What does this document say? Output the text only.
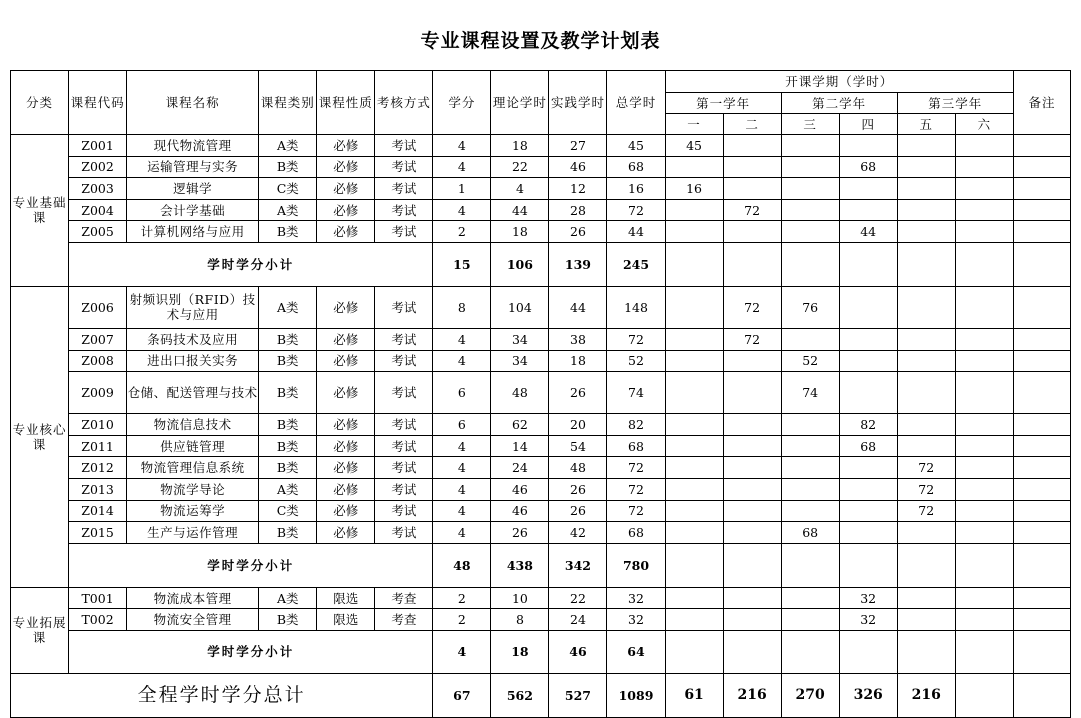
专业课程设置及教学计划表
分类	课程代码	课程名称	课程类别	课程性质	考核方式	学分	理论学时	实践学时	总学时	开课学期（学时）						备注
										第一学年		第二学年		第三学年		
										一	二	三	四	五	六	
专业基础课	Z001	现代物流管理	A类	必修	考试	4	18	27	45	45						
	Z002	运输管理与实务	B类	必修	考试	4	22	46	68				68			
	Z003	逻辑学	C类	必修	考试	1	4	12	16	16						
	Z004	会计学基础	A类	必修	考试	4	44	28	72		72					
	Z005	计算机网络与应用	B类	必修	考试	2	18	26	44				44			
	学时学分小计					15	106	139	245							
专业核心课	Z006	射频识别（RFID）技术与应用	A类	必修	考试	8	104	44	148		72	76				
	Z007	条码技术及应用	B类	必修	考试	4	34	38	72		72					
	Z008	进出口报关实务	B类	必修	考试	4	34	18	52			52				
	Z009	仓储、配送管理与技术	B类	必修	考试	6	48	26	74			74				
	Z010	物流信息技术	B类	必修	考试	6	62	20	82				82			
	Z011	供应链管理	B类	必修	考试	4	14	54	68				68			
	Z012	物流管理信息系统	B类	必修	考试	4	24	48	72					72		
	Z013	物流学导论	A类	必修	考试	4	46	26	72					72		
	Z014	物流运筹学	C类	必修	考试	4	46	26	72					72		
	Z015	生产与运作管理	B类	必修	考试	4	26	42	68			68				
	学时学分小计					48	438	342	780							
专业拓展课	T001	物流成本管理	A类	限选	考查	2	10	22	32				32			
	T002	物流安全管理	B类	限选	考查	2	8	24	32				32			
	学时学分小计					4	18	46	64							
全程学时学分总计						67	562	527	1089	61	216	270	326	216		
